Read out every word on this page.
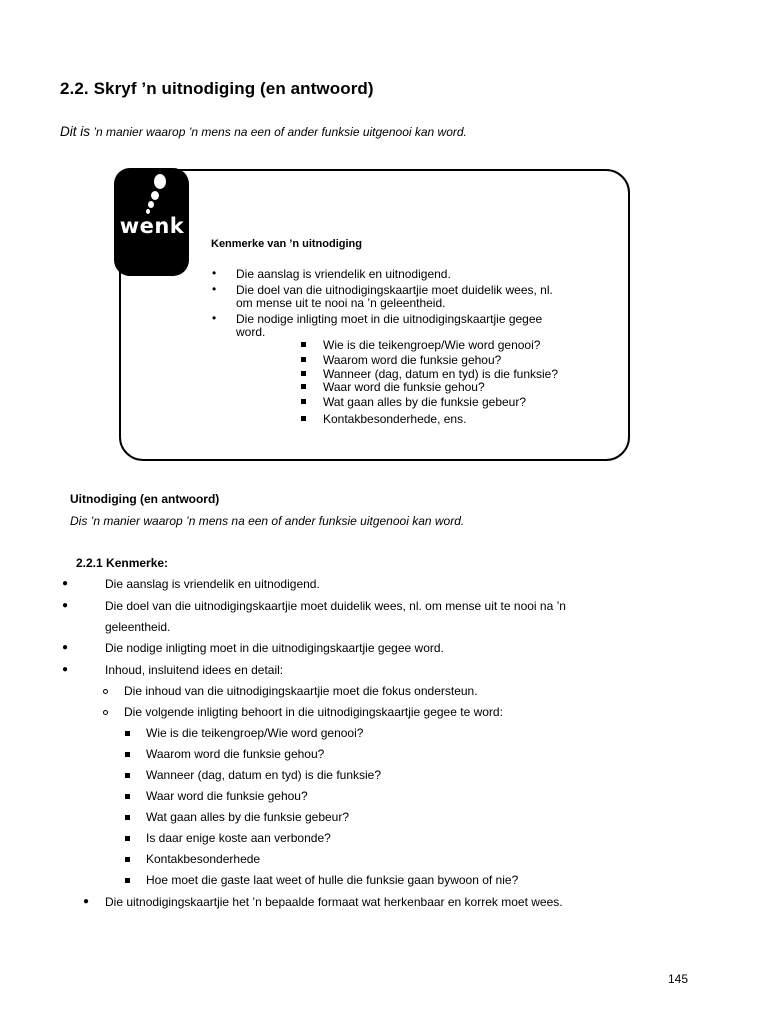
2.2. Skryf ’n uitnodiging (en antwoord)
Dit is ’n manier waarop ’n mens na een of ander funksie uitgenooi kan word.
wenk
Kenmerke van ’n uitnodiging
• Die aanslag is vriendelik en uitnodigend.
• Die doel van die uitnodigingskaartjie moet duidelik wees, nl.
om mense uit te nooi na ’n geleentheid.
• Die nodige inligting moet in die uitnodigingskaartjie gegee
word.
Wie is die teikengroep/Wie word genooi?
Waarom word die funksie gehou?
Wanneer (dag, datum en tyd) is die funksie?
Waar word die funksie gehou?
Wat gaan alles by die funksie gebeur?
Kontakbesonderhede, ens.
Uitnodiging (en antwoord)
Dis ’n manier waarop ’n mens na een of ander funksie uitgenooi kan word.
2.2.1 Kenmerke:
●	Die aanslag is vriendelik en uitnodigend.
●	Die doel van die uitnodigingskaartjie moet duidelik wees, nl. om mense uit te nooi na ’n
geleentheid.
●	Die nodige inligting moet in die uitnodigingskaartjie gegee word.
●	Inhoud, insluitend idees en detail:
Die inhoud van die uitnodigingskaartjie moet die fokus ondersteun.
Die volgende inligting behoort in die uitnodigingskaartjie gegee te word:
Wie is die teikengroep/Wie word genooi?
Waarom word die funksie gehou?
Wanneer (dag, datum en tyd) is die funksie?
Waar word die funksie gehou?
Wat gaan alles by die funksie gebeur?
Is daar enige koste aan verbonde?
Kontakbesonderhede
Hoe moet die gaste laat weet of hulle die funksie gaan bywoon of nie?
● Die uitnodigingskaartjie het ’n bepaalde formaat wat herkenbaar en korrek moet wees.
145
